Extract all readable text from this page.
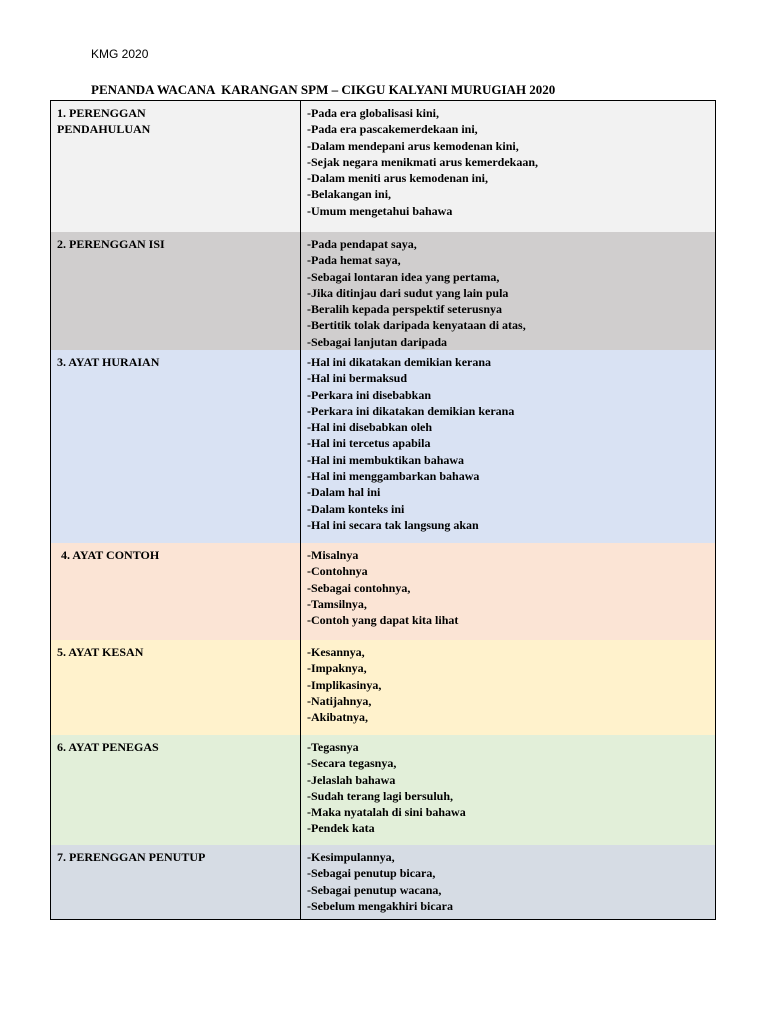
KMG 2020
PENANDA WACANA  KARANGAN SPM – CIKGU KALYANI MURUGIAH 2020
1. PERENGGAN PENDAHULUAN
-Pada era globalisasi kini,
-Pada era pascakemerdekaan ini,
-Dalam mendepani arus kemodenan kini,
-Sejak negara menikmati arus kemerdekaan,
-Dalam meniti arus kemodenan ini,
-Belakangan ini,
-Umum mengetahui bahawa
2. PERENGGAN ISI	-Pada pendapat saya,
-Pada hemat saya,
-Sebagai lontaran idea yang pertama,
-Jika ditinjau dari sudut yang lain pula
-Beralih kepada perspektif seterusnya
-Bertitik tolak daripada kenyataan di atas,
-Sebagai lanjutan daripada
3. AYAT HURAIAN	-Hal ini dikatakan demikian kerana
-Hal ini bermaksud
-Perkara ini disebabkan
-Perkara ini dikatakan demikian kerana
-Hal ini disebabkan oleh
-Hal ini tercetus apabila
-Hal ini membuktikan bahawa
-Hal ini menggambarkan bahawa
-Dalam hal ini
-Dalam konteks ini
-Hal ini secara tak langsung akan
4. AYAT CONTOH	-Misalnya
-Contohnya
-Sebagai contohnya,
-Tamsilnya,
-Contoh yang dapat kita lihat
5. AYAT KESAN	-Kesannya,
-Impaknya,
-Implikasinya,
-Natijahnya,
-Akibatnya,
6. AYAT PENEGAS	-Tegasnya
-Secara tegasnya,
-Jelaslah bahawa
-Sudah terang lagi bersuluh,
-Maka nyatalah di sini bahawa
-Pendek kata
7. PERENGGAN PENUTUP	-Kesimpulannya,
-Sebagai penutup bicara,
-Sebagai penutup wacana,
-Sebelum mengakhiri bicara
